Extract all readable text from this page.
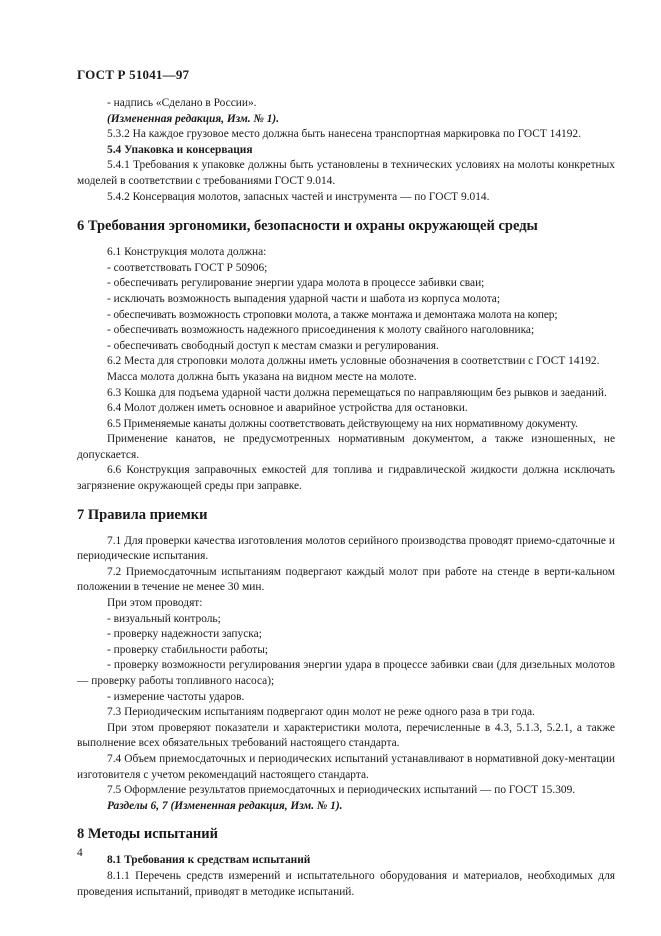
ГОСТ Р 51041—97

- надпись «Сделано в России».

(Измененная редакция, Изм. № 1).

5.3.2 На каждое грузовое место должна быть нанесена транспортная маркировка по ГОСТ 14192.

5.4 Упаковка и консервация

5.4.1 Требования к упаковке должны быть установлены в технических условиях на молоты конкретных моделей в соответствии с требованиями ГОСТ 9.014.

5.4.2 Консервация молотов, запасных частей и инструмента — по ГОСТ 9.014.

6 Требования эргономики, безопасности и охраны окружающей среды

6.1 Конструкция молота должна:

- соответствовать ГОСТ Р 50906;

- обеспечивать регулирование энергии удара молота в процессе забивки сваи;

- исключать возможность выпадения ударной части и шабота из корпуса молота;

- обеспечивать возможность строповки молота, а также монтажа и демонтажа молота на копер;

- обеспечивать возможность надежного присоединения к молоту свайного наголовника;

- обеспечивать свободный доступ к местам смазки и регулирования.

6.2 Места для строповки молота должны иметь условные обозначения в соответствии с ГОСТ 14192.

Масса молота должна быть указана на видном месте на молоте.

6.3 Кошка для подъема ударной части должна перемещаться по направляющим без рывков и заеданий.

6.4 Молот должен иметь основное и аварийное устройства для остановки.

6.5 Применяемые канаты должны соответствовать действующему на них нормативному документу.

Применение канатов, не предусмотренных нормативным документом, а также изношенных, не допускается.

6.6 Конструкция заправочных емкостей для топлива и гидравлической жидкости должна исключать загрязнение окружающей среды при заправке.

7 Правила приемки

7.1 Для проверки качества изготовления молотов серийного производства проводят приемо-сдаточные и периодические испытания.

7.2 Приемосдаточным испытаниям подвергают каждый молот при работе на стенде в верти-кальном положении в течение не менее 30 мин.

При этом проводят:

- визуальный контроль;

- проверку надежности запуска;

- проверку стабильности работы;

- проверку возможности регулирования энергии удара в процессе забивки сваи (для дизельных молотов — проверку работы топливного насоса);

- измерение частоты ударов.

7.3 Периодическим испытаниям подвергают один молот не реже одного раза в три года.

При этом проверяют показатели и характеристики молота, перечисленные в 4.3, 5.1.3, 5.2.1, а также выполнение всех обязательных требований настоящего стандарта.

7.4 Объем приемосдаточных и периодических испытаний устанавливают в нормативной доку-ментации изготовителя с учетом рекомендаций настоящего стандарта.

7.5 Оформление результатов приемосдаточных и периодических испытаний — по ГОСТ 15.309.

Разделы 6, 7 (Измененная редакция, Изм. № 1).

8 Методы испытаний

8.1 Требования к средствам испытаний

8.1.1 Перечень средств измерений и испытательного оборудования и материалов, необходимых для проведения испытаний, приводят в методике испытаний.

4
